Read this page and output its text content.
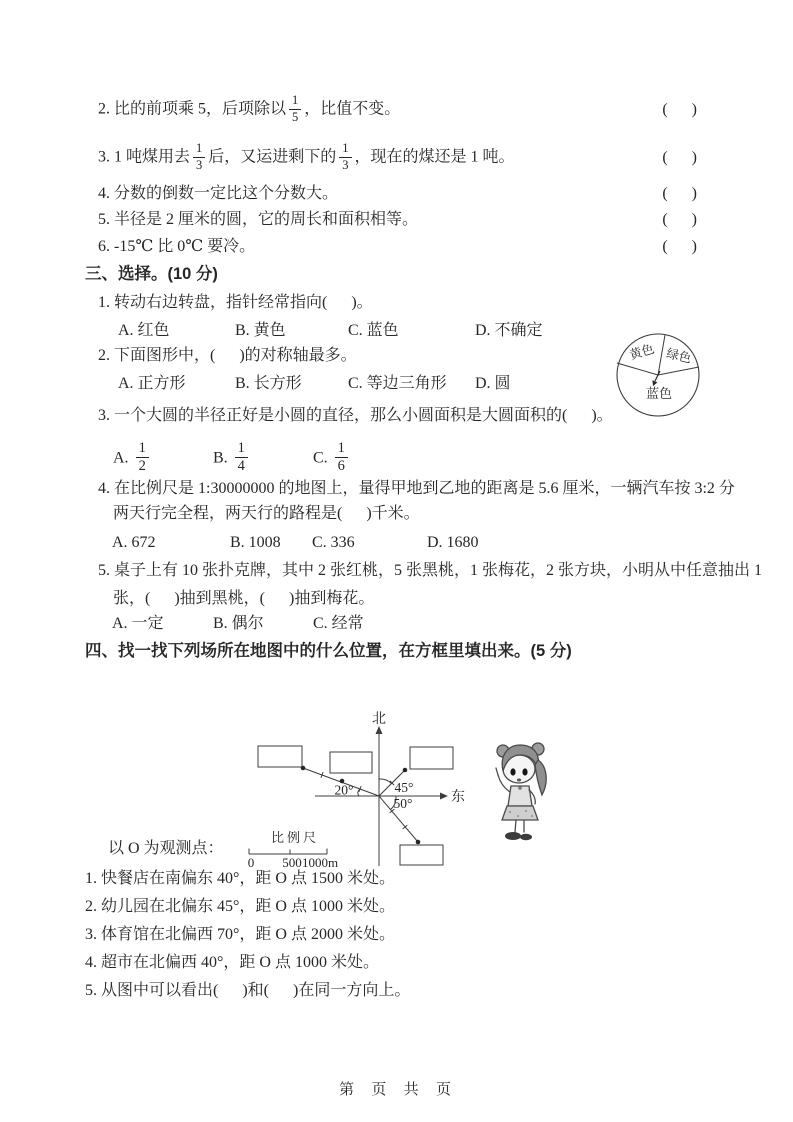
2. 比的前项乘 5，后项除以 $\frac{1}{5}$ ，比值不变。	(      )
3. 1 吨煤用去 $\frac{1}{3}$ 后，又运进剩下的 $\frac{1}{3}$ ，现在的煤还是 1 吨。	(      )
4. 分数的倒数一定比这个分数大。	(      )
5. 半径是 2 厘米的圆，它的周长和面积相等。	(      )
6. -15℃ 比 0℃ 要冷。	(      )
三、选择。(10 分)
1. 转动右边转盘，指针经常指向(      )。

A. 红色

	B. 黄色

	C. 蓝色

	D. 不确定

黄色 绿色
蓝色

2. 下面图形中，(      )的对称轴最多。

A. 正方形

	B. 长方形

	C. 等边三角形

D. 圆

3. 一个大圆的半径正好是小圆的直径，那么小圆面积是大圆面积的(      )。
A. $\frac{1}{2}$	B. $\frac{1}{4}$	C. $\frac{1}{6}$
4. 在比例尺是 1:30000000 的地图上，量得甲地到乙地的距离是 5.6 厘米，一辆汽车按 3:2 分
两天行完全程，两天行的路程是(      )千米。

A. 672

	B. 1008

C. 336

	D. 1680

5. 桌子上有 10 张扑克牌，其中 2 张红桃，5 张黑桃，1 张梅花，2 张方块，小明从中任意抽出 1
张，(      )抽到黑桃，(      )抽到梅花。

A. 一定

	B. 偶尔

	C. 经常

四、找一找下列场所在地图中的什么位置，在方框里填出来。(5 分)

北
东
20°	45°
50°
比例尺
0 500 1000m

以 O 为观测点：
1. 快餐店在南偏东 40°，距 O 点 1500 米处。
2. 幼儿园在北偏东 45°，距 O 点 1000 米处。
3. 体育馆在北偏西 70°，距 O 点 2000 米处。
4. 超市在北偏西 40°，距 O 点 1000 米处。
5. 从图中可以看出(      )和(      )在同一方向上。
第  页  共  页
